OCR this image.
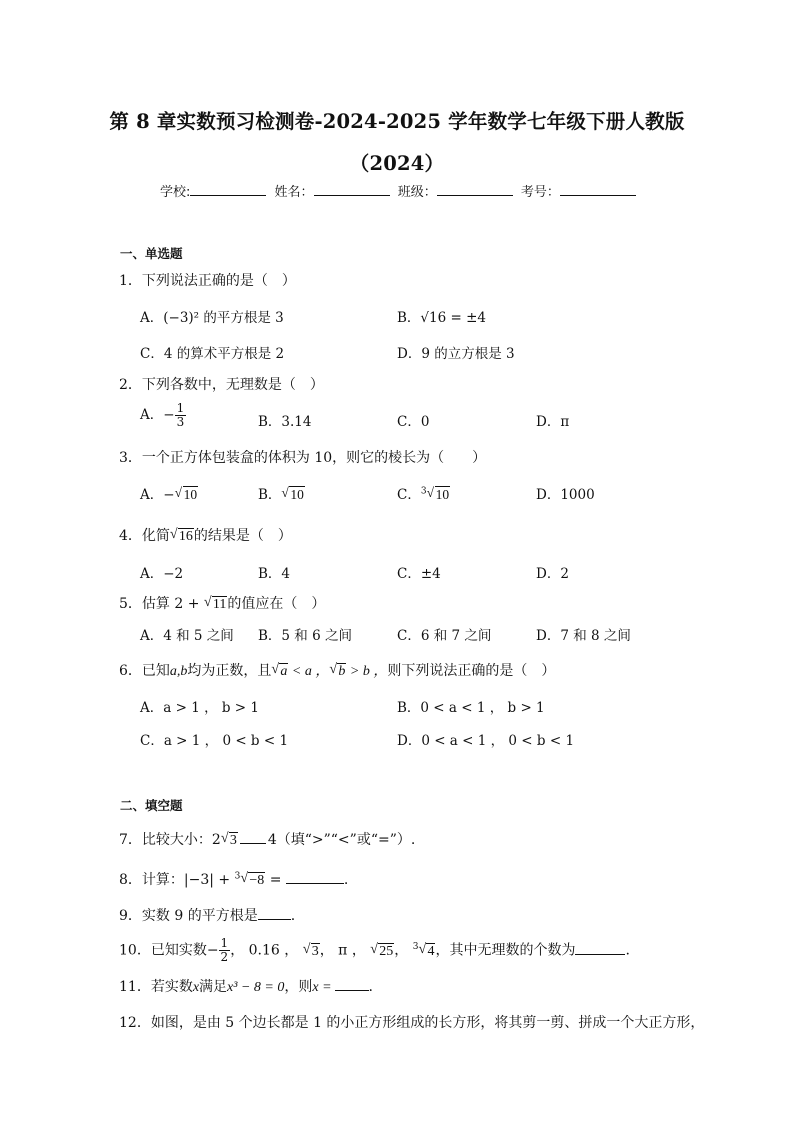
第 8 章实数预习检测卷-2024-2025 学年数学七年级下册人教版
（2024）
学校:	姓名：	班级：	考号：
一、单选题
1．下列说法正确的是（　）
A．(−3)² 的平方根是 3	B．√16 = ±4
C．4 的算术平方根是 2	D．9 的立方根是 3
2．下列各数中，无理数是（　）
A．− $\frac{1}{3}$	B．3.14	C．0	D．π
3．一个正方体包装盒的体积为 10，则它的棱长为（　　）
A．− √ 10	B． √ 10	C．$^3$ √ 10	D．1000
4．化简 √ 16的结果是（　）
A．−2	B．4	C．±4	D．2
5．估算 2 + √ 11的值应在（　）
A．4 和 5 之间 B．5 和 6 之间	C．6 和 7 之间	D．7 和 8 之间
6．已知a,b均为正数，且 √ a < a ， √ b > b ，则下列说法正确的是（　）
A．a > 1 ， b > 1	B．0 < a < 1 ， b > 1
C．a > 1 ， 0 < b < 1	D．0 < a < 1 ， 0 < b < 1
二、填空题
7．比较大小：2 √ 3 4（填“>”“<”或“=”）.
8．计算：|−3| + $^3$ √ −8 =	.
9．实数 9 的平方根是 .
10．已知实数− $\frac{1}{2}$ ， 0.16 ， √ 3， π ， √ 25， $^3$ √ 4，其中无理数的个数为	.
11．若实数x满足x³ − 8 = 0，则x =	.
12．如图，是由 5 个边长都是 1 的小正方形组成的长方形，将其剪一剪、拼成一个大正方形，
